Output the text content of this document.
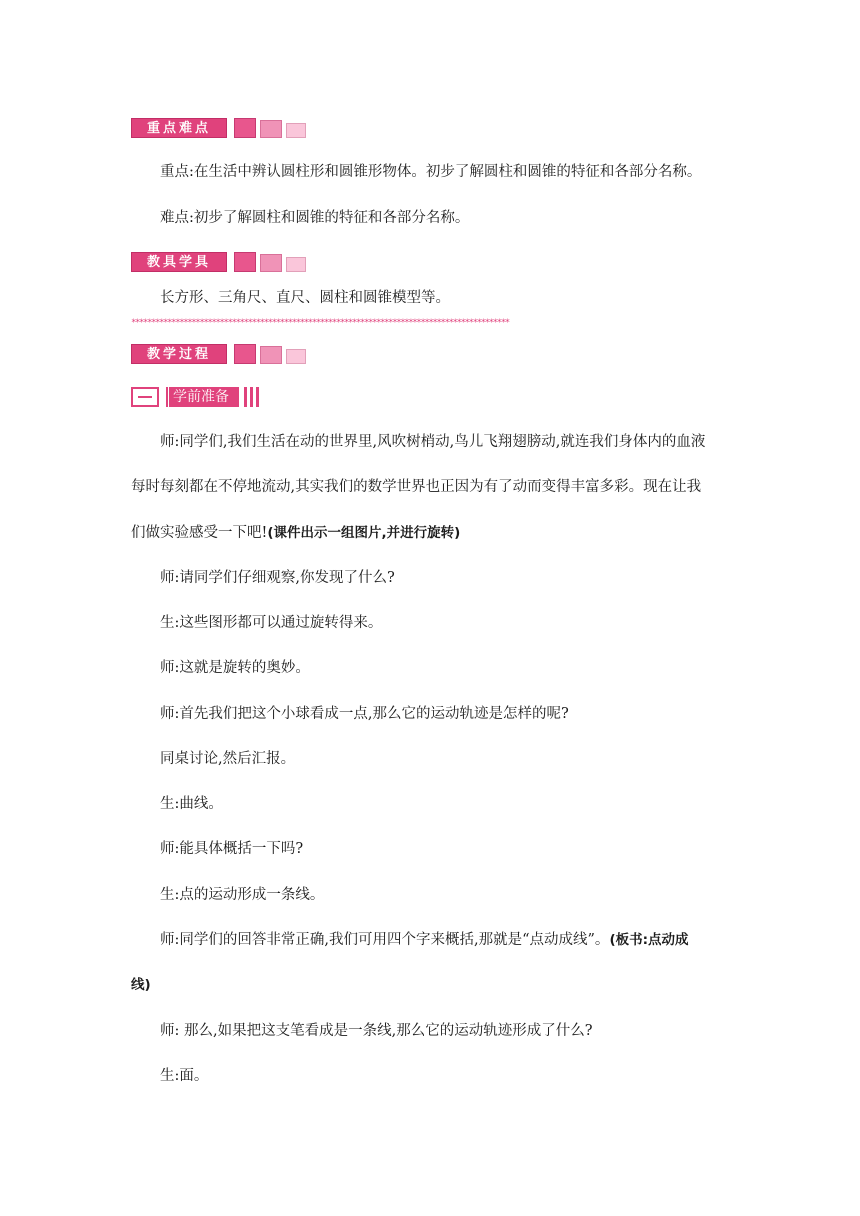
重点难点
重点:在生活中辨认圆柱形和圆锥形物体。初步了解圆柱和圆锥的特征和各部分名称。
难点:初步了解圆柱和圆锥的特征和各部分名称。
教具学具
长方形、三角尺、直尺、圆柱和圆锥模型等。
**********************************************************************************************
教学过程
学前准备
师:同学们,我们生活在动的世界里,风吹树梢动,鸟儿飞翔翅膀动,就连我们身体内的血液
每时每刻都在不停地流动,其实我们的数学世界也正因为有了动而变得丰富多彩。现在让我
们做实验感受一下吧!(课件出示一组图片,并进行旋转)
师:请同学们仔细观察,你发现了什么?
生:这些图形都可以通过旋转得来。
师:这就是旋转的奥妙。
师:首先我们把这个小球看成一点,那么它的运动轨迹是怎样的呢?
同桌讨论,然后汇报。
生:曲线。
师:能具体概括一下吗?
生:点的运动形成一条线。
师:同学们的回答非常正确,我们可用四个字来概括,那就是“点动成线”。(板书:点动成
线)
师: 那么,如果把这支笔看成是一条线,那么它的运动轨迹形成了什么?
生:面。
